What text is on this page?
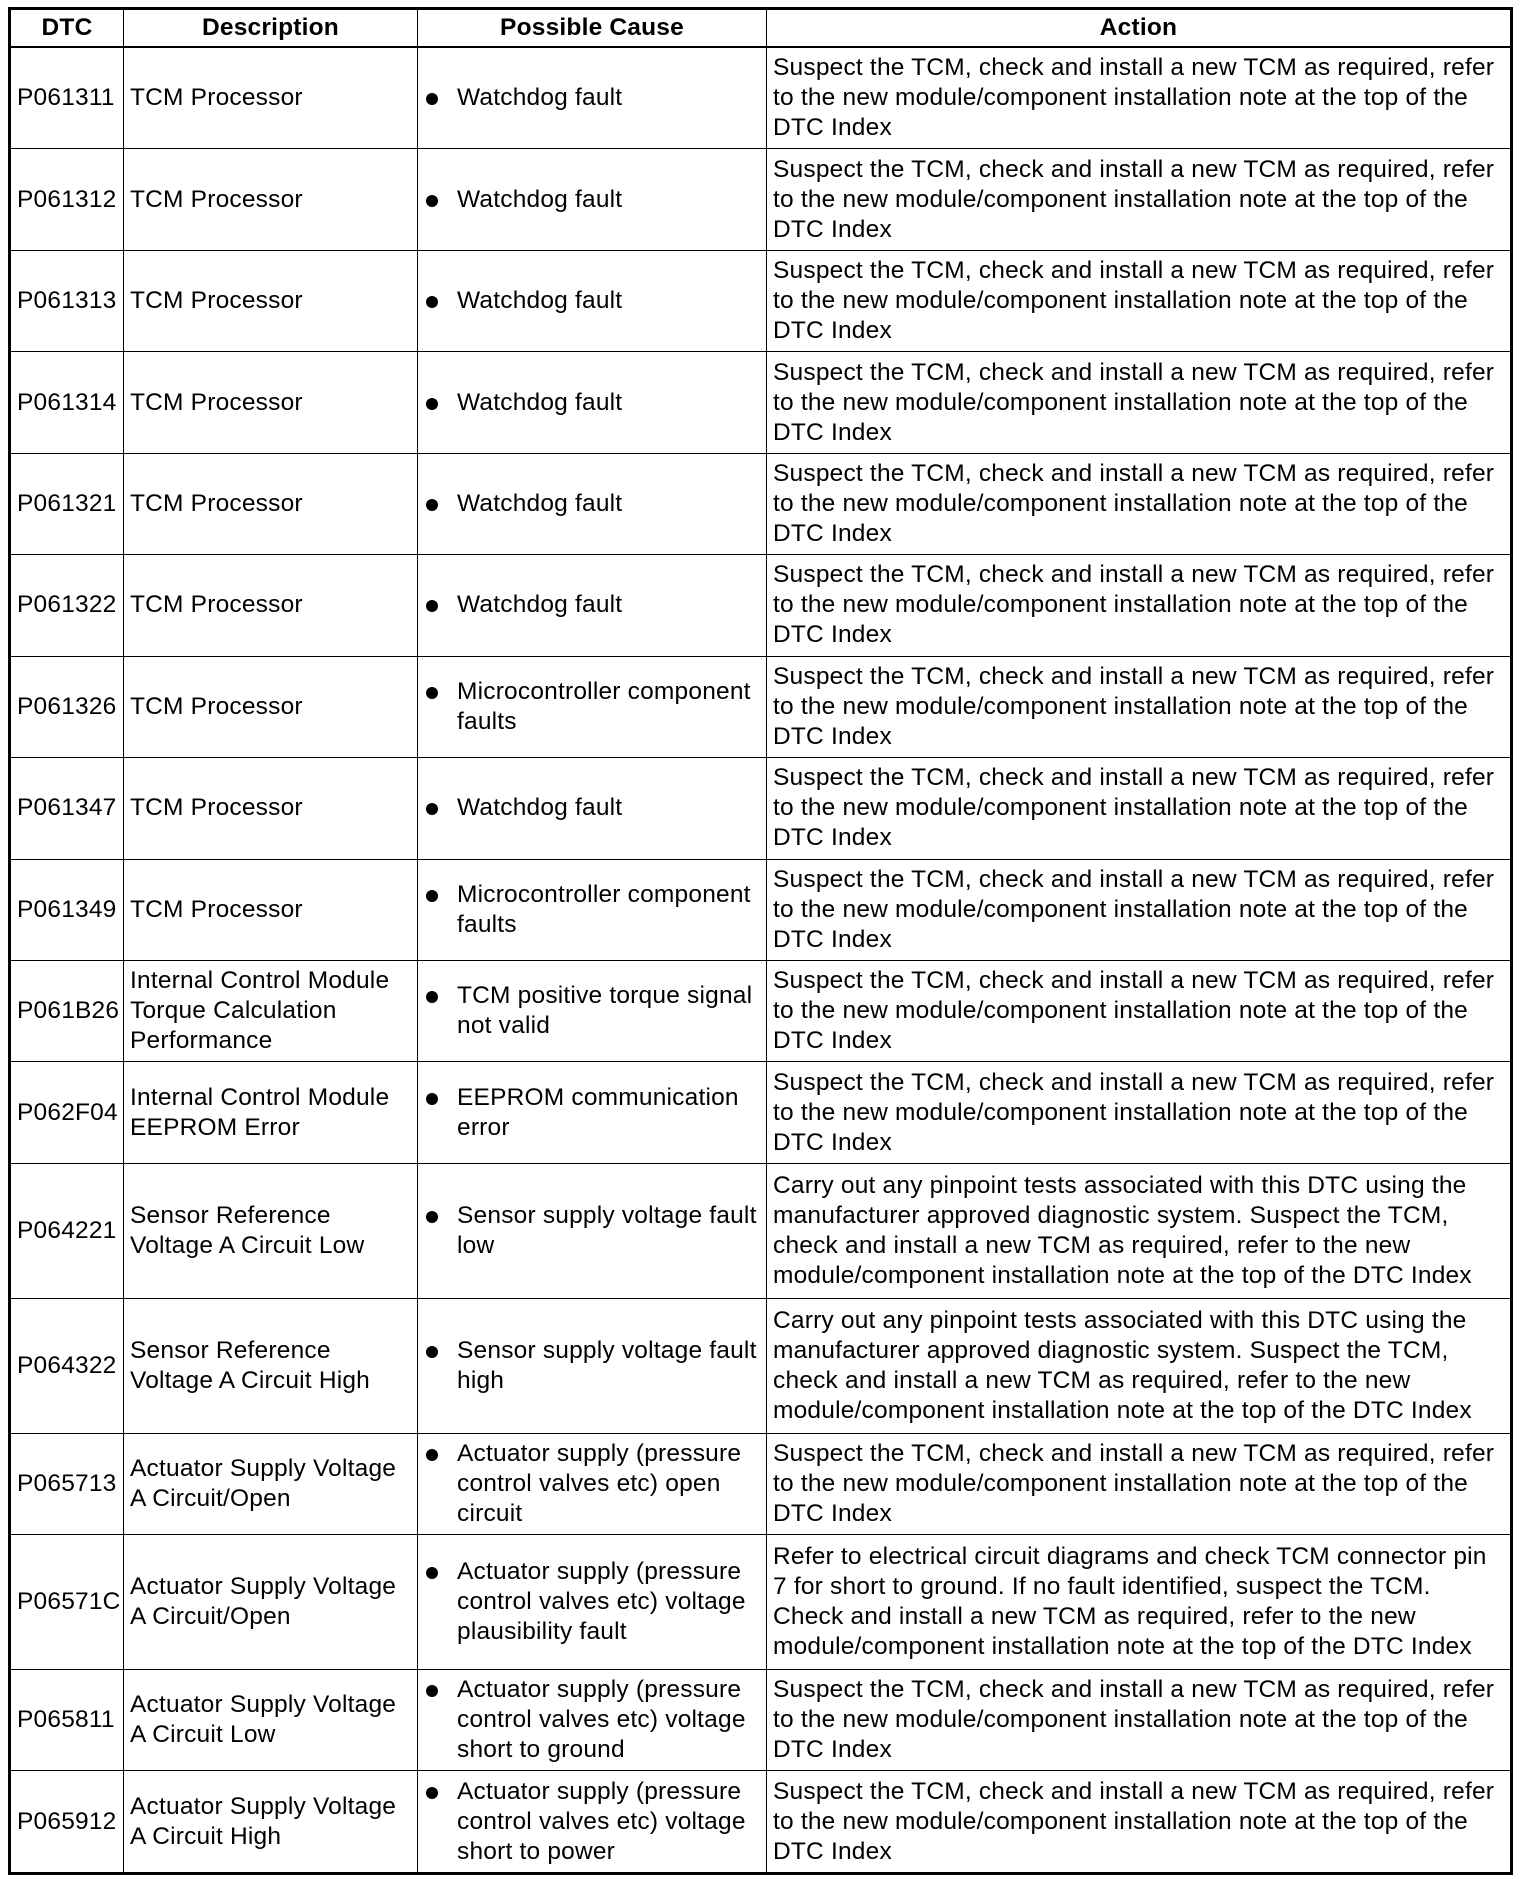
DTC	Description	Possible Cause	Action
P061311	TCM Processor	Watchdog fault	Suspect the TCM, check and install a new TCM as required, refer to the new module/component installation note at the top of the DTC Index
P061312	TCM Processor	Watchdog fault	Suspect the TCM, check and install a new TCM as required, refer to the new module/component installation note at the top of the DTC Index
P061313	TCM Processor	Watchdog fault	Suspect the TCM, check and install a new TCM as required, refer to the new module/component installation note at the top of the DTC Index
P061314	TCM Processor	Watchdog fault	Suspect the TCM, check and install a new TCM as required, refer to the new module/component installation note at the top of the DTC Index
P061321	TCM Processor	Watchdog fault	Suspect the TCM, check and install a new TCM as required, refer to the new module/component installation note at the top of the DTC Index
P061322	TCM Processor	Watchdog fault	Suspect the TCM, check and install a new TCM as required, refer to the new module/component installation note at the top of the DTC Index
P061326	TCM Processor	Microcontroller component faults	Suspect the TCM, check and install a new TCM as required, refer to the new module/component installation note at the top of the DTC Index
P061347	TCM Processor	Watchdog fault	Suspect the TCM, check and install a new TCM as required, refer to the new module/component installation note at the top of the DTC Index
P061349	TCM Processor	Microcontroller component faults	Suspect the TCM, check and install a new TCM as required, refer to the new module/component installation note at the top of the DTC Index
P061B26	Internal Control Module Torque Calculation Performance	TCM positive torque signal not valid	Suspect the TCM, check and install a new TCM as required, refer to the new module/component installation note at the top of the DTC Index
P062F04	Internal Control Module EEPROM Error	EEPROM communication error	Suspect the TCM, check and install a new TCM as required, refer to the new module/component installation note at the top of the DTC Index
P064221	Sensor Reference Voltage A Circuit Low	Sensor supply voltage fault low	Carry out any pinpoint tests associated with this DTC using the manufacturer approved diagnostic system. Suspect the TCM, check and install a new TCM as required, refer to the new module/component installation note at the top of the DTC Index
P064322	Sensor Reference Voltage A Circuit High	Sensor supply voltage fault high	Carry out any pinpoint tests associated with this DTC using the manufacturer approved diagnostic system. Suspect the TCM, check and install a new TCM as required, refer to the new module/component installation note at the top of the DTC Index
P065713	Actuator Supply Voltage A Circuit/Open	Actuator supply (pressure control valves etc) open circuit	Suspect the TCM, check and install a new TCM as required, refer to the new module/component installation note at the top of the DTC Index
P06571C	Actuator Supply Voltage A Circuit/Open	Actuator supply (pressure control valves etc) voltage plausibility fault	Refer to electrical circuit diagrams and check TCM connector pin 7 for short to ground. If no fault identified, suspect the TCM. Check and install a new TCM as required, refer to the new module/component installation note at the top of the DTC Index
P065811	Actuator Supply Voltage A Circuit Low	Actuator supply (pressure control valves etc) voltage short to ground	Suspect the TCM, check and install a new TCM as required, refer to the new module/component installation note at the top of the DTC Index
P065912	Actuator Supply Voltage A Circuit High	Actuator supply (pressure control valves etc) voltage short to power	Suspect the TCM, check and install a new TCM as required, refer to the new module/component installation note at the top of the DTC Index
